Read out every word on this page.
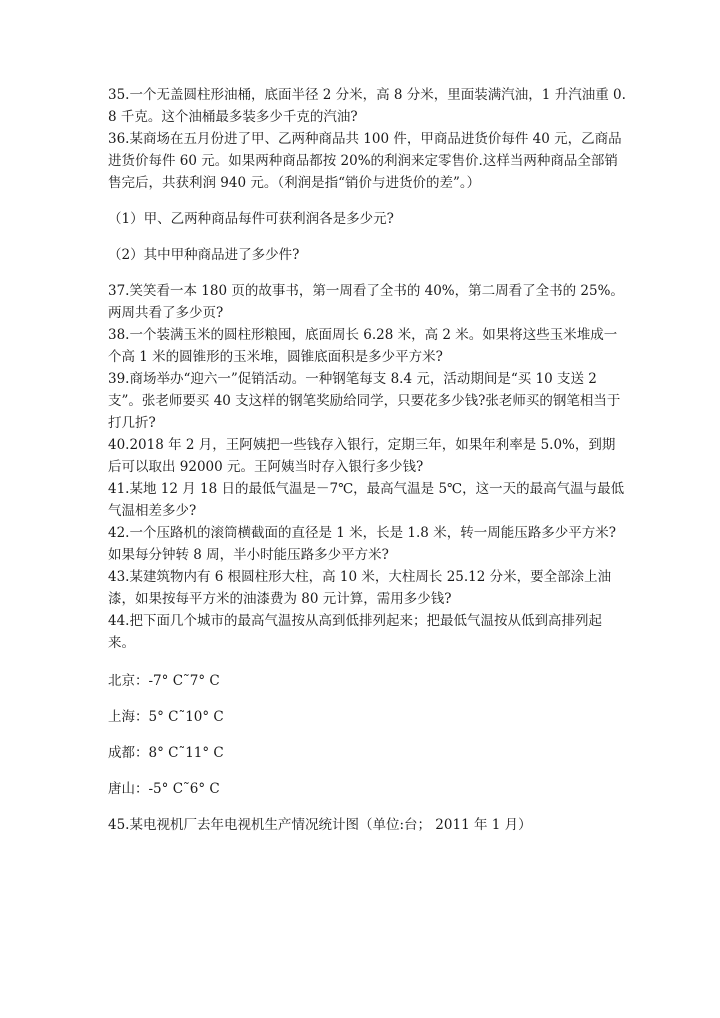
35.一个无盖圆柱形油桶，底面半径 2 分米，高 8 分米，里面装满汽油，1 升汽油重 0.8 千克。这个油桶最多装多少千克的汽油?

36.某商场在五月份进了甲、乙两种商品共 100 件，甲商品进货价每件 40 元，乙商品进货价每件 60 元。如果两种商品都按 20%的利润来定零售价.这样当两种商品全部销售完后，共获利润 940 元。（利润是指“销价与进货价的差”。）

（1）甲、乙两种商品每件可获利润各是多少元?

（2）其中甲种商品进了多少件?

37.笑笑看一本 180 页的故事书，第一周看了全书的 40%，第二周看了全书的 25%。两周共看了多少页?

38.一个装满玉米的圆柱形粮囤，底面周长 6.28 米，高 2 米。如果将这些玉米堆成一个高 1 米的圆锥形的玉米堆，圆锥底面积是多少平方米?

39.商场举办“迎六一”促销活动。一种钢笔每支 8.4 元，活动期间是“买 10 支送 2 支”。张老师要买 40 支这样的钢笔奖励给同学，只要花多少钱?张老师买的钢笔相当于打几折?

40.2018 年 2 月，王阿姨把一些钱存入银行，定期三年，如果年利率是 5.0%，到期后可以取出 92000 元。王阿姨当时存入银行多少钱?

41.某地 12 月 18 日的最低气温是－7℃，最高气温是 5℃，这一天的最高气温与最低气温相差多少?

42.一个压路机的滚筒横截面的直径是 1 米，长是 1.8 米，转一周能压路多少平方米?如果每分钟转 8 周，半小时能压路多少平方米?

43.某建筑物内有 6 根圆柱形大柱，高 10 米，大柱周长 25.12 分米，要全部涂上油漆，如果按每平方米的油漆费为 80 元计算，需用多少钱?

44.把下面几个城市的最高气温按从高到低排列起来；把最低气温按从低到高排列起来。

北京：-7° C˜7° C

上海：5° C˜10° C

成都：8° C˜11° C

唐山：-5° C˜6° C

45.某电视机厂去年电视机生产情况统计图（单位:台； 2011 年 1 月）
